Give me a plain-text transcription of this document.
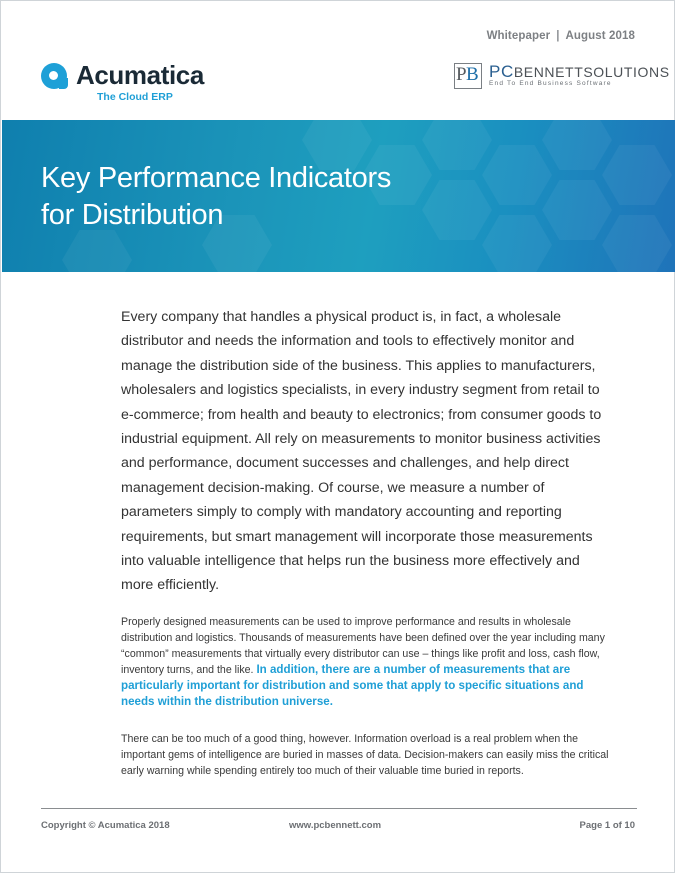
Whitepaper | August 2018
Acumatica
The Cloud ERP
P B PCBENNETTSOLUTIONS
End To End Business Software
Key Performance Indicators
for Distribution

Every company that handles a physical product is, in fact, a wholesale distributor and needs the information and tools to effectively monitor and manage the distribution side of the business. This applies to manufacturers, wholesalers and logistics specialists, in every industry segment from retail to e-commerce; from health and beauty to electronics; from consumer goods to industrial equipment. All rely on measurements to monitor business activities and performance, document successes and challenges, and help direct management decision-making. Of course, we measure a number of parameters simply to comply with mandatory accounting and reporting requirements, but smart management will incorporate those measurements into valuable intelligence that helps run the business more effectively and more efficiently.

Properly designed measurements can be used to improve performance and results in wholesale distribution and logistics. Thousands of measurements have been defined over the year including many “common” measurements that virtually every distributor can use – things like profit and loss, cash flow, inventory turns, and the like. In addition, there are a number of measurements that are particularly important for distribution and some that apply to specific situations and needs within the distribution universe.

There can be too much of a good thing, however. Information overload is a real problem when the important gems of intelligence are buried in masses of data. Decision-makers can easily miss the critical early warning while spending entirely too much of their valuable time buried in reports.

Copyright © Acumatica 2018	www.pcbennett.com	Page 1 of 10
